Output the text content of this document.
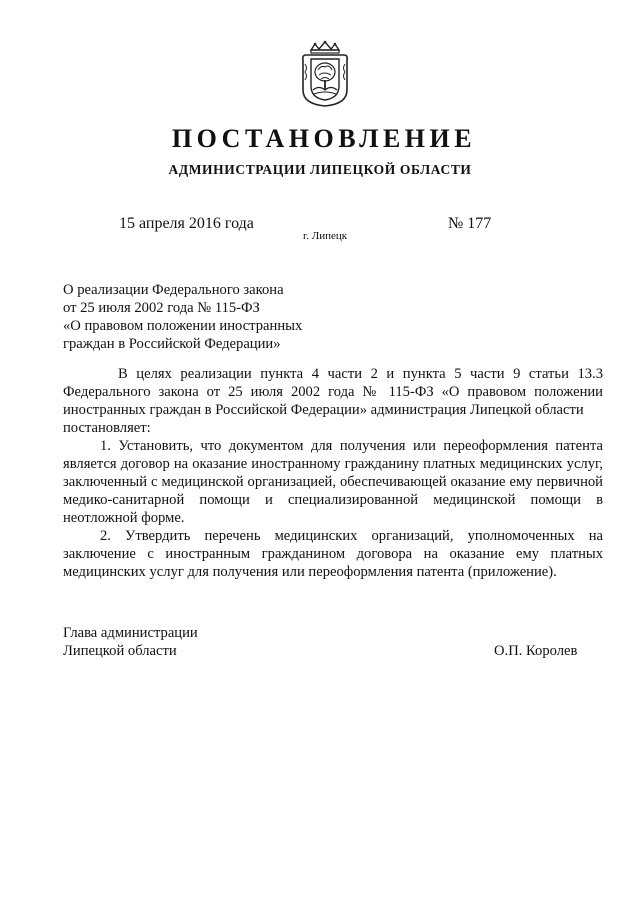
ПОСТАНОВЛЕНИЕ
АДМИНИСТРАЦИИ ЛИПЕЦКОЙ ОБЛАСТИ
15 апреля 2016 года
г. Липецк
№ 177
О реализации Федерального закона
от 25 июля 2002 года № 115-ФЗ
«О правовом положении иностранных
граждан в Российской Федерации»

В целях реализации пункта 4 части 2 и пункта 5 части 9 статьи 13.3 Федерального закона от 25 июля 2002 года № 115-ФЗ «О правовом положении иностранных граждан в Российской Федерации» администрация Липецкой области

постановляет:

1. Установить, что документом для получения или переоформления патента является договор на оказание иностранному гражданину платных медицинских услуг, заключенный с медицинской организацией, обеспечивающей оказание ему первичной медико-санитарной помощи и специализированной медицинской помощи в неотложной форме.

2. Утвердить перечень медицинских организаций, уполномоченных на заключение с иностранным гражданином договора на оказание ему платных медицинских услуг для получения или переоформления патента (приложение).

Глава администрации
Липецкой области	О.П. Королев
